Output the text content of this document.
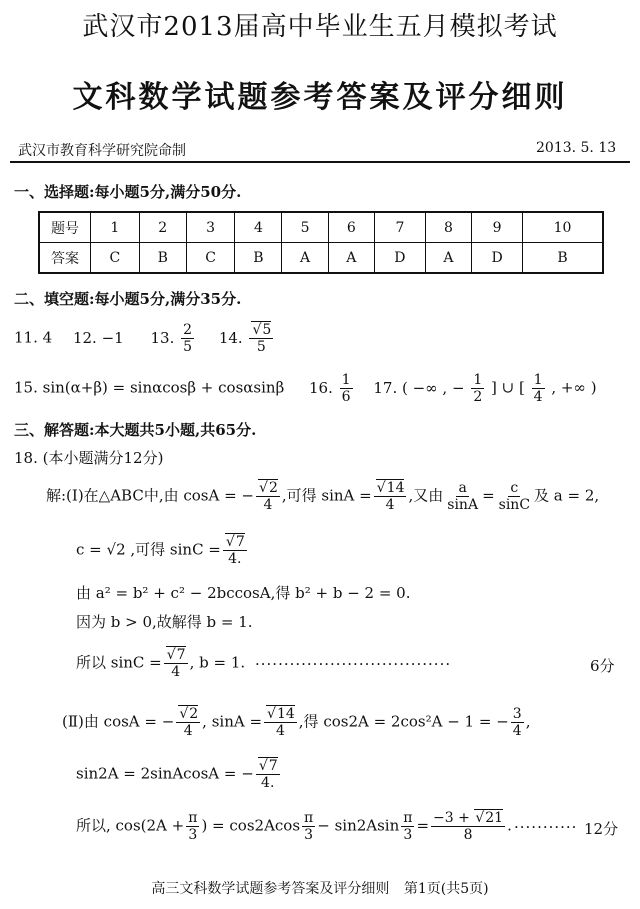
武汉市2013届高中毕业生五月模拟考试
文科数学试题参考答案及评分细则
武汉市教育科学研究院命制	2013. 5. 13
一、选择题:每小题5分,满分50分.
题号	1	2	3	4	5	6	7	8	9	10
答案	C	B	C	B	A	A	D	A	D	B
二、填空题:每小题5分,满分35分.
11. 4 12. −1 13. $\frac{2}{5} 14$. √ $\frac{5}{5}$
15. sin(α+β) = sinαcosβ + cosαsinβ 16. $\frac{1}{6} 17$. ( −∞ , − $\frac{1}{2}$ ] ∪ [ $\frac{1}{4}$ , +∞ )
三、解答题:本大题共5小题,共65分.
18. (本小题满分12分)
解:(Ⅰ)在△ABC中,由 cosA = − √ $\frac{2}{4}$ ,可得 sinA = √ $\frac{14}{4}$ ,又由 $\frac{a}{\sin A} = \frac{c}{\sin C}$ 及 a = 2,
c = √2 ,可得 sinC = √ $\frac{7}{4.}$
由 a² = b² + c² − 2bccosA,得 b² + b − 2 = 0.
因为 b > 0,故解得 b = 1.
所以 sinC = √ $\frac{7}{4}$ , b = 1. ··································	6分
(Ⅱ)由 cosA = − √ $\frac{2}{4}$ , sinA = √ $\frac{14}{4}$ ,得 cos2A = 2cos²A − 1 = − $\frac{3}{4}$ ,
sin2A = 2sinAcosA = − √ $\frac{7}{4.}$
所以, $\cos(2A + \frac{\pi}{3}$ ) = $\cos 2Acos \frac{\pi}{3} - \sin 2Asin \frac{\pi}{3} = \frac{-3 + √ 21}{8}$ . ··········· 12分
高三文科数学试题参考答案及评分细则 第1页(共5页)
